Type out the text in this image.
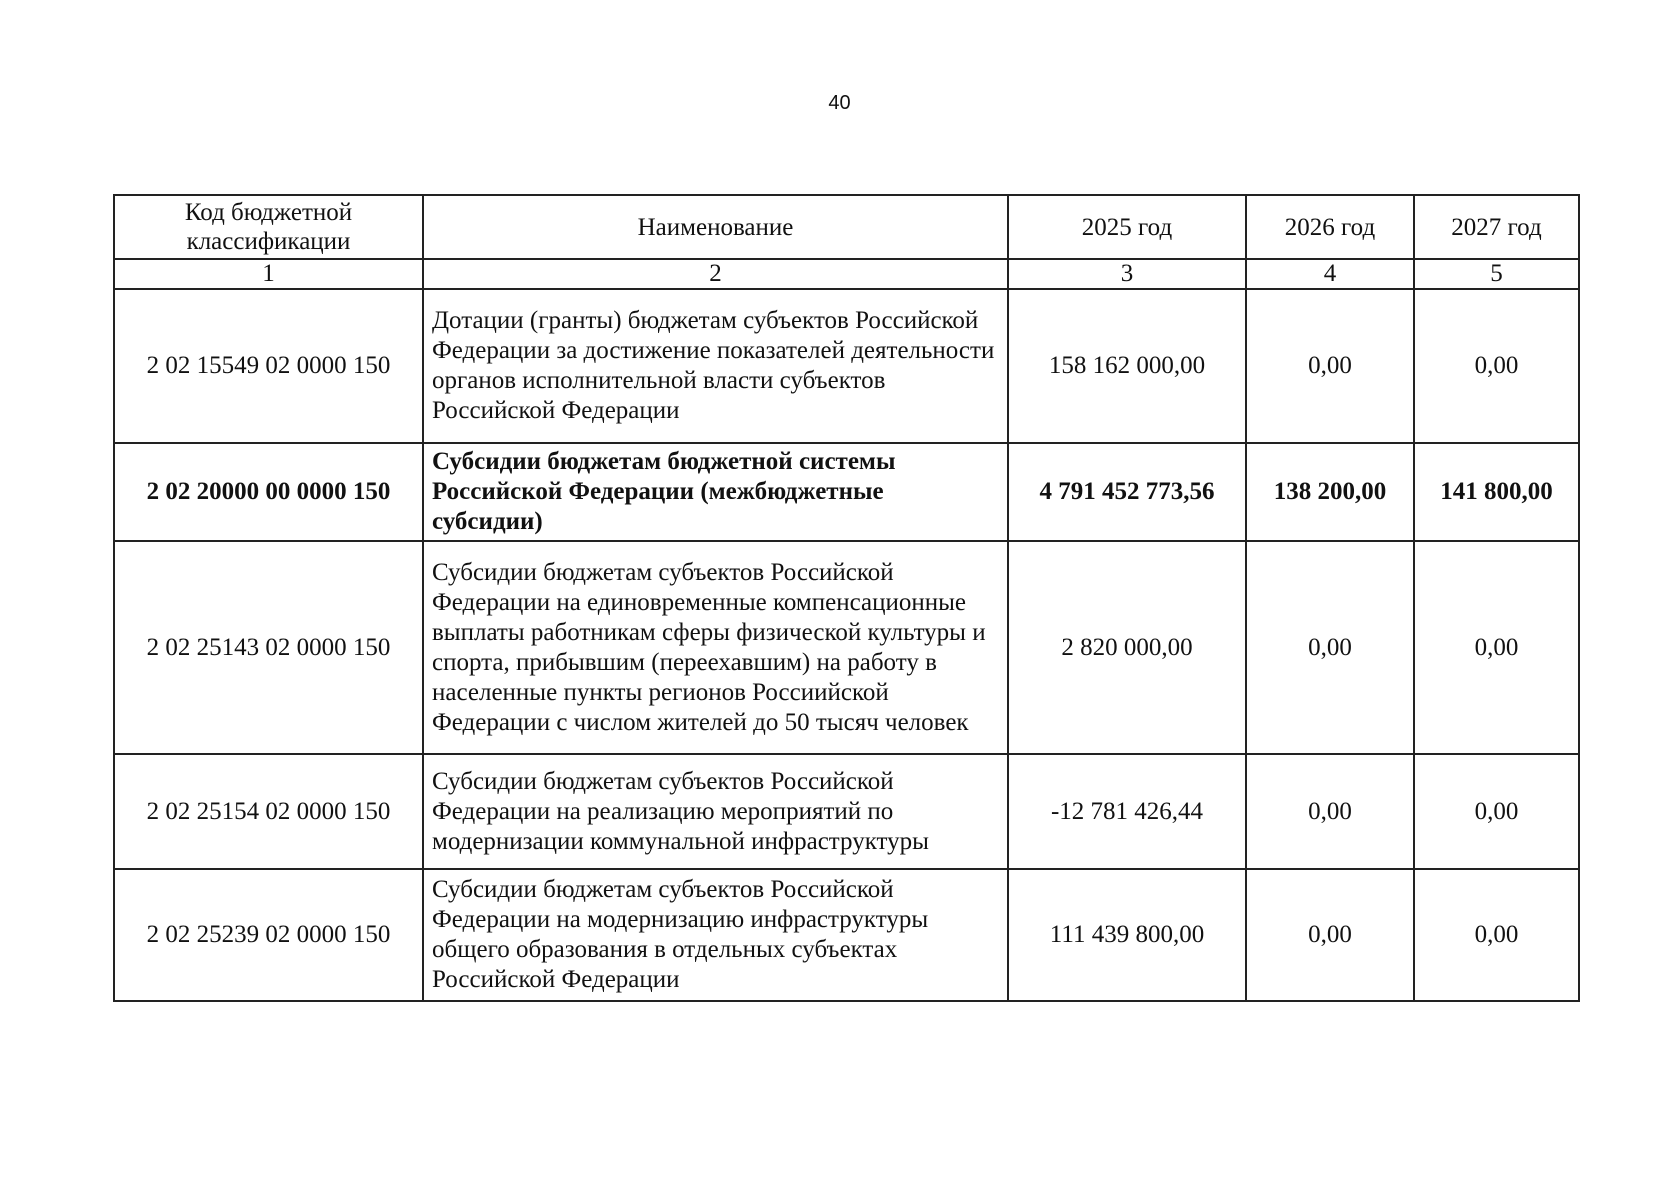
40
Код бюджетной классификации	Наименование	2025 год	2026 год	2027 год
1	2	3	4	5
2 02 15549 02 0000 150	Дотации (гранты) бюджетам субъектов Российской Федерации за достижение показателей деятельности органов исполнительной власти субъектов Российской Федерации	158 162 000,00	0,00	0,00
2 02 20000 00 0000 150	Субсидии бюджетам бюджетной системы Российской Федерации (межбюджетные субсидии)	4 791 452 773,56	138 200,00	141 800,00
2 02 25143 02 0000 150	Субсидии бюджетам субъектов Российской Федерации на единовременные компенсационные выплаты работникам сферы физической культуры и спорта, прибывшим (переехавшим) на работу в населенные пункты регионов Россиийской Федерации с числом жителей до 50 тысяч человек	2 820 000,00	0,00	0,00
2 02 25154 02 0000 150	Субсидии бюджетам субъектов Российской Федерации на реализацию мероприятий по модернизации коммунальной инфраструктуры	-12 781 426,44	0,00	0,00
2 02 25239 02 0000 150	Субсидии бюджетам субъектов Российской Федерации на модернизацию инфраструктуры общего образования в отдельных субъектах Российской Федерации	111 439 800,00	0,00	0,00
